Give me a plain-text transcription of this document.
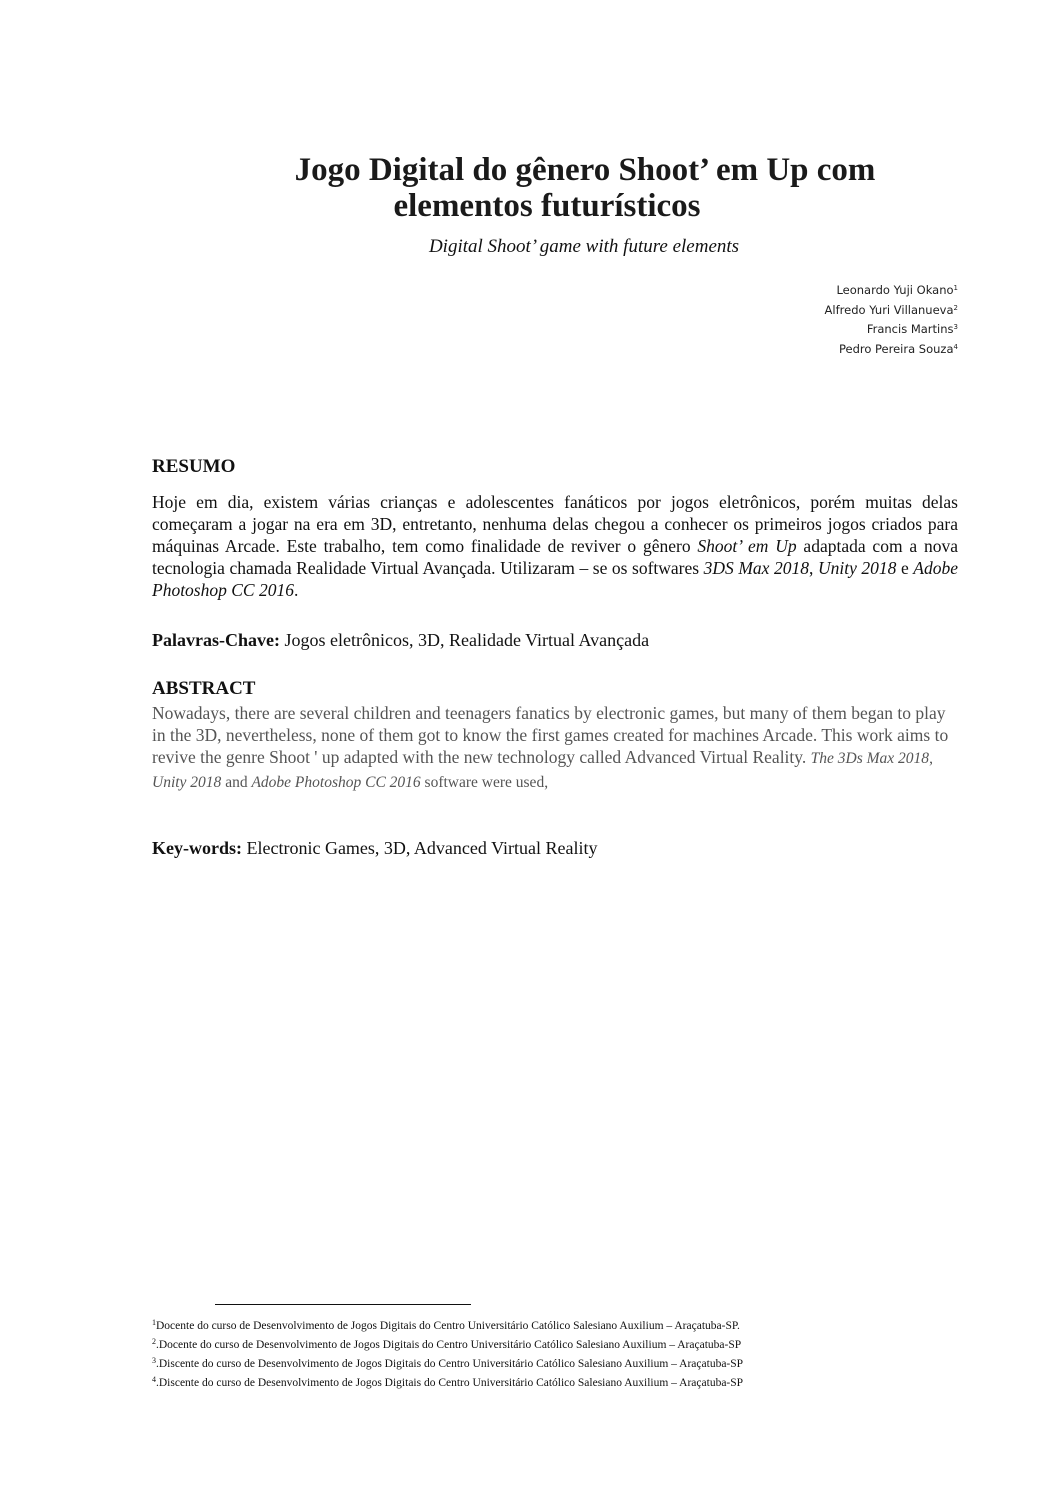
Jogo Digital do gênero Shoot’ em Up com
elementos futurísticos
Digital Shoot’ game with future elements
Leonardo Yuji Okano$^1$
Alfredo Yuri Villanueva$^2$
Francis Martins$^3$
Pedro Pereira Souza$^4$
RESUMO
Hoje em dia, existem várias crianças e adolescentes fanáticos por jogos eletrônicos, porém muitas delas começaram a jogar na era em 3D, entretanto, nenhuma delas chegou a conhecer os primeiros jogos criados para máquinas Arcade. Este trabalho, tem como finalidade de reviver o gênero Shoot’ em Up adaptada com a nova tecnologia chamada Realidade Virtual Avançada. Utilizaram – se os softwares 3DS Max 2018, Unity 2018 e Adobe Photoshop CC 2016.
Palavras-Chave: Jogos eletrônicos, 3D, Realidade Virtual Avançada
ABSTRACT
Nowadays, there are several children and teenagers fanatics by electronic games, but many of them began to play in the 3D, nevertheless, none of them got to know the first games created for machines Arcade. This work aims to revive the genre Shoot ' up adapted with the new technology called Advanced Virtual Reality. The 3Ds Max 2018, Unity 2018 and Adobe Photoshop CC 2016 software were used,
Key-words: Electronic Games, 3D, Advanced Virtual Reality
$^1$Docente do curso de Desenvolvimento de Jogos Digitais do Centro Universitário Católico Salesiano Auxilium – Araçatuba-SP.
$^2$.Docente do curso de Desenvolvimento de Jogos Digitais do Centro Universitário Católico Salesiano Auxilium – Araçatuba-SP
$^3$.Discente do curso de Desenvolvimento de Jogos Digitais do Centro Universitário Católico Salesiano Auxilium – Araçatuba-SP
$^4$.Discente do curso de Desenvolvimento de Jogos Digitais do Centro Universitário Católico Salesiano Auxilium – Araçatuba-SP
